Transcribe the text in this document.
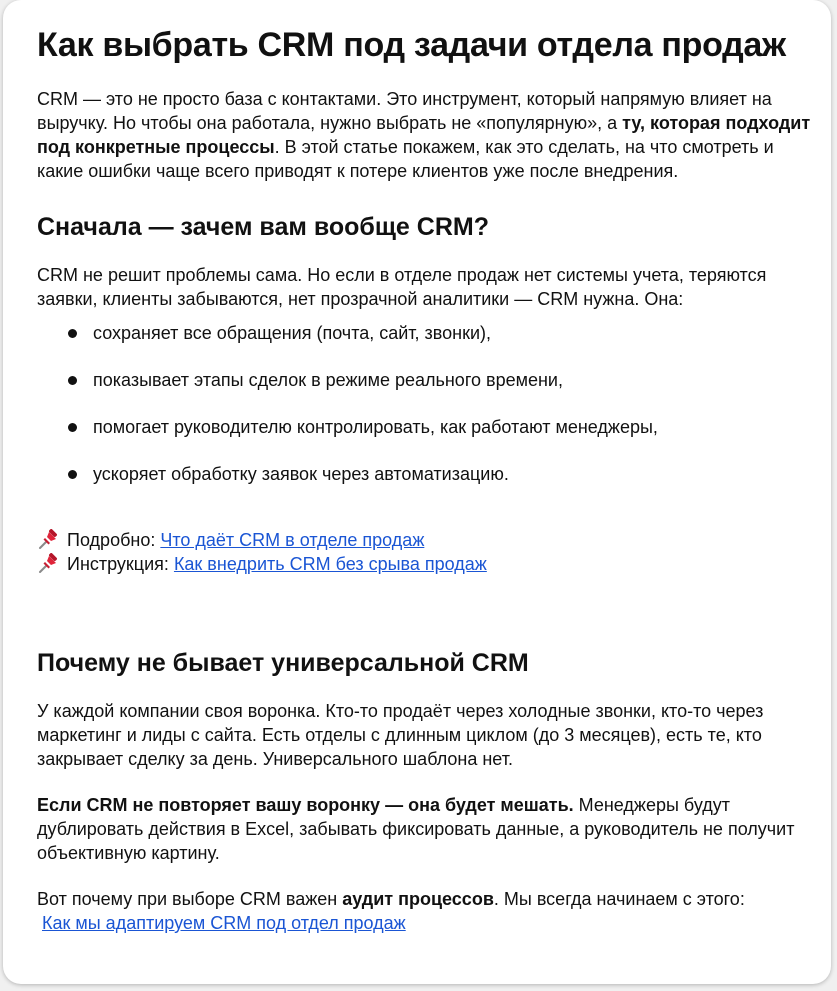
Как выбрать CRM под задачи отдела продаж

CRM — это не просто база с контактами. Это инструмент, который напрямую влияет на выручку. Но чтобы она работала, нужно выбрать не «популярную», а ту, которая подходит под конкретные процессы. В этой статье покажем, как это сделать, на что смотреть и какие ошибки чаще всего приводят к потере клиентов уже после внедрения.

Сначала — зачем вам вообще CRM?

CRM не решит проблемы сама. Но если в отделе продаж нет системы учета, теряются заявки, клиенты забываются, нет прозрачной аналитики — CRM нужна. Она:

сохраняет все обращения (почта, сайт, звонки),
показывает этапы сделок в режиме реального времени,
помогает руководителю контролировать, как работают менеджеры,
ускоряет обработку заявок через автоматизацию.
Подробно:
Что даёт CRM в отделе продаж
Инструкция:
Как внедрить CRM без срыва продаж
Почему не бывает универсальной CRM

У каждой компании своя воронка. Кто-то продаёт через холодные звонки, кто-то через маркетинг и лиды с сайта. Есть отделы с длинным циклом (до 3 месяцев), есть те, кто закрывает сделку за день. Универсального шаблона нет.

Если CRM не повторяет вашу воронку — она будет мешать. Менеджеры будут дублировать действия в Excel, забывать фиксировать данные, а руководитель не получит объективную картину.

Вот почему при выборе CRM важен аудит процессов. Мы всегда начинаем с этого:
Как мы адаптируем CRM под отдел продаж
